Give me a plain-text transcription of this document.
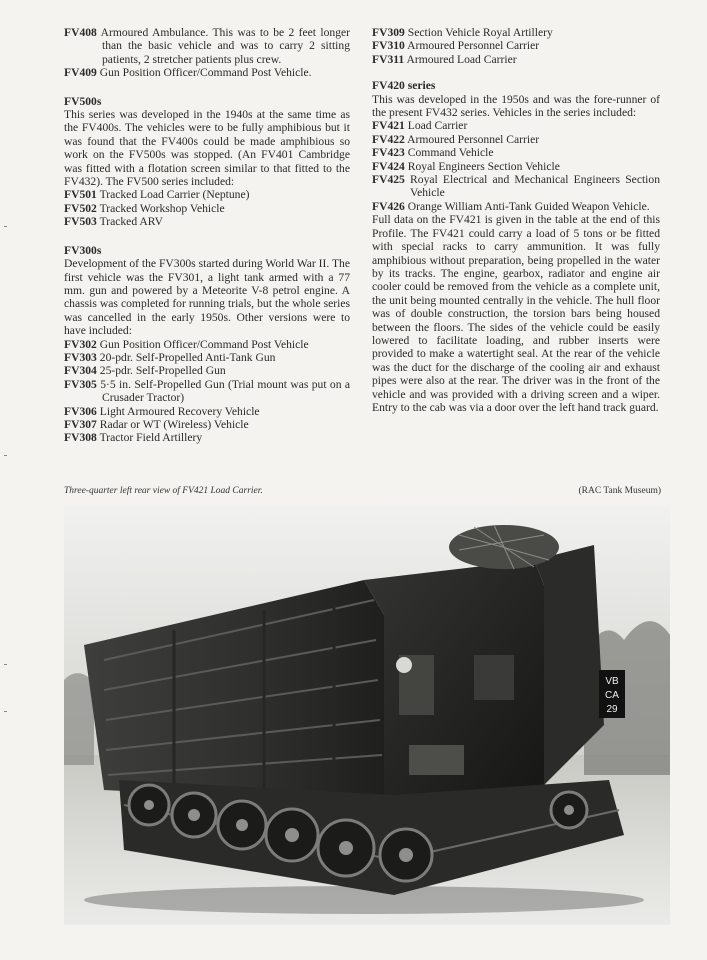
FV408 Armoured Ambulance. This was to be 2 feet longer than the basic vehicle and was to carry 2 sitting patients, 2 stretcher patients plus crew.

FV409 Gun Position Officer/Command Post Vehicle.

FV500s

This series was developed in the 1940s at the same time as the FV400s. The vehicles were to be fully amphibious but it was found that the FV400s could be made amphibious so work on the FV500s was stopped. (An FV401 Cambridge was fitted with a flotation screen similar to that fitted to the FV432). The FV500 series included:

FV501 Tracked Load Carrier (Neptune)

FV502 Tracked Workshop Vehicle

FV503 Tracked ARV

FV300s

Development of the FV300s started during World War II. The first vehicle was the FV301, a light tank armed with a 77 mm. gun and powered by a Meteorite V-8 petrol engine. A chassis was completed for running trials, but the whole series was cancelled in the early 1950s. Other versions were to have included:

FV302 Gun Position Officer/Command Post Vehicle

FV303 20-pdr. Self-Propelled Anti-Tank Gun

FV304 25-pdr. Self-Propelled Gun

FV305 5·5 in. Self-Propelled Gun (Trial mount was put on a Crusader Tractor)

FV306 Light Armoured Recovery Vehicle

FV307 Radar or WT (Wireless) Vehicle

FV308 Tractor Field Artillery

FV309 Section Vehicle Royal Artillery

FV310 Armoured Personnel Carrier

FV311 Armoured Load Carrier

FV420 series

This was developed in the 1950s and was the fore-runner of the present FV432 series. Vehicles in the series included:

FV421 Load Carrier

FV422 Armoured Personnel Carrier

FV423 Command Vehicle

FV424 Royal Engineers Section Vehicle

FV425 Royal Electrical and Mechanical Engineers Section Vehicle

FV426 Orange William Anti-Tank Guided Weapon Vehicle.

Full data on the FV421 is given in the table at the end of this Profile. The FV421 could carry a load of 5 tons or be fitted with special racks to carry ammunition. It was fully amphibious without preparation, being propelled in the water by its tracks. The engine, gearbox, radiator and engine air cooler could be removed from the vehicle as a complete unit, the unit being mounted centrally in the vehicle. The hull floor was of double construction, the torsion bars being housed between the floors. The sides of the vehicle could be easily lowered to facilitate loading, and rubber inserts were provided to make a watertight seal. At the rear of the vehicle was the duct for the discharge of the cooling air and exhaust pipes were also at the rear. The driver was in the front of the vehicle and was provided with a driving screen and a wiper. Entry to the cab was via a door over the left hand track guard.

Three-quarter left rear view of FV421 Load Carrier.	(RAC Tank Museum)
VB
CA
29
